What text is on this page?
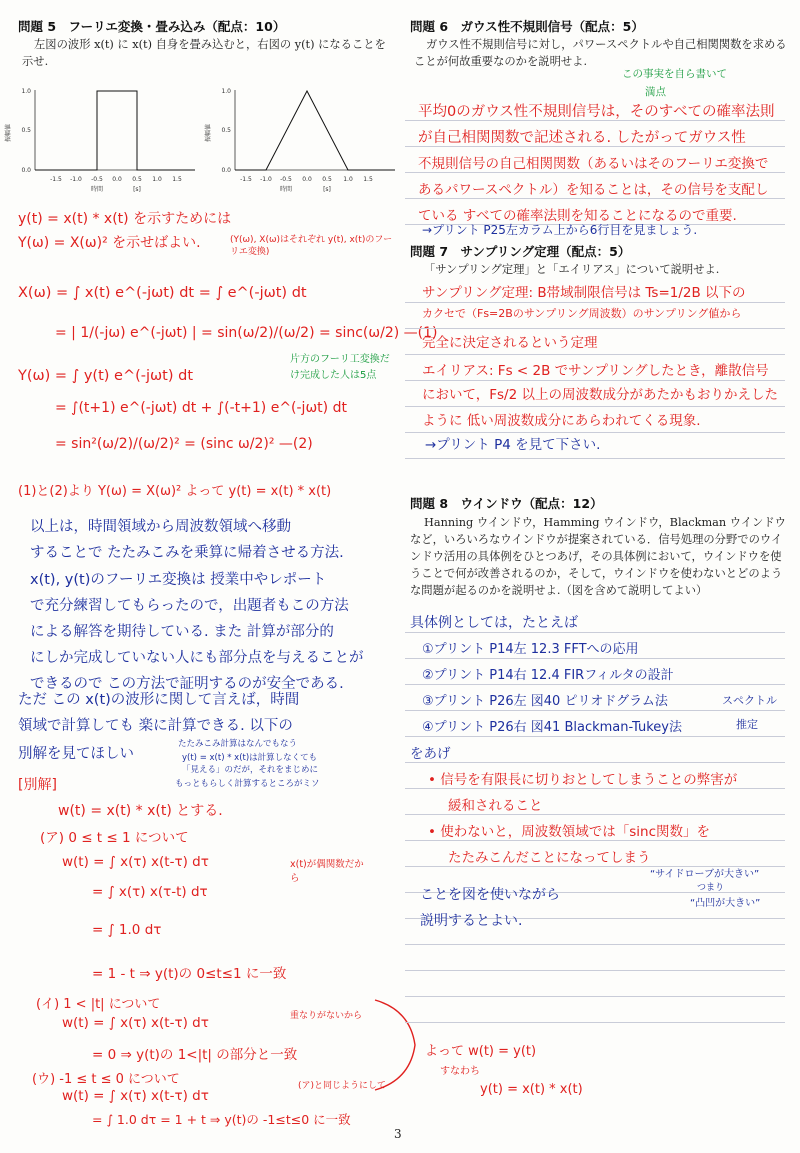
問題 5　フーリエ変換・畳み込み（配点：10）
左図の波形 x(t) に x(t) 自身を畳み込むと，右図の y(t) になることを示せ.
振幅値
1.0
0.5
0.0
-1.5 -1.0 -0.5 0.0 0.5 1.0 1.5
時間	[s]
振幅値
1.0
0.5
0.0
-1.5 -1.0 -0.5 0.0 0.5 1.0 1.5
時間	[s]
y(t) = x(t) * x(t) を示すためには
Y(ω) = X(ω)² を示せばよい.	(Y(ω), X(ω)はそれぞれ y(t), x(t)のフーリエ変換)
X(ω) = ∫ x(t) e^(-jωt) dt = ∫ e^(-jωt) dt
= | 1/(-jω) e^(-jωt) | = sin(ω/2)/(ω/2) = sinc(ω/2) —(1)
Y(ω) = ∫ y(t) e^(-jωt) dt
片方のフーリ工変換だけ完成した人は5点
= ∫(t+1) e^(-jωt) dt + ∫(-t+1) e^(-jωt) dt
= sin²(ω/2)/(ω/2)² = (sinc ω/2)² —(2)
(1)と(2)より Y(ω) = X(ω)² よって y(t) = x(t) * x(t)
以上は，時間領域から周波数領域へ移動
することで たたみこみを乗算に帰着させる方法.
x(t), y(t)のフーリエ変換は 授業中やレポート
で充分練習してもらったので，出題者もこの方法
による解答を期待している. また 計算が部分的
にしか完成していない人にも部分点を与えることが
できるので この方法で証明するのが安全である.
ただ この x(t)の波形に関して言えば，時間
領域で計算しても 楽に計算できる. 以下の
別解を見てほしい
たたみこみ計算はなんでもなう
y(t) = x(t) * x(t)は計算しなくても
「見える」のだが，それをまじめに
もっともらしく計算するところがミソ
[別解]
w(t) = x(t) * x(t) とする.
(ア) 0 ≤ t ≤ 1 について
w(t) = ∫ x(τ) x(t-τ) dτ	x(t)が偶関数だから
= ∫ x(τ) x(τ-t) dτ
= ∫ 1.0 dτ
= 1 - t ⇒ y(t)の 0≤t≤1 に一致
(イ) 1 < |t| について
w(t) = ∫ x(τ) x(t-τ) dτ	重なりがないから
= 0 ⇒ y(t)の 1<|t| の部分と一致
(ウ) -1 ≤ t ≤ 0 について	(ア)と同じようにして
w(t) = ∫ x(τ) x(t-τ) dτ
= ∫ 1.0 dτ = 1 + t ⇒ y(t)の -1≤t≤0 に一致
よって w(t) = y(t)
すなわち
y(t) = x(t) * x(t)
問題 6　ガウス性不規則信号（配点：5）
ガウス性不規則信号に対し，パワースペクトルや自己相関関数を求めることが何故重要なのかを説明せよ.
この事実を自ら書いて
満点
平均0のガウス性不規則信号は，そのすべての確率法則
が自己相関関数で記述される. したがってガウス性
不規則信号の自己相関関数（あるいはそのフーリエ変換で
あるパワースペクトル）を知ることは，その信号を支配し
ている すべての確率法則を知ることになるので重要.
→プリント P25左カラム上から6行目を見ましょう.
問題 7　サンプリング定理（配点：5）
「サンプリング定理」と「エイリアス」について説明せよ.
サンプリング定理: B帯域制限信号は Ts=1/2B 以下の
カクセで（Fs=2Bのサンプリング周波数）のサンプリング値から
完全に決定されるという定理
エイリアス: Fs < 2B でサンプリングしたとき，離散信号
において，Fs/2 以上の周波数成分があたかもおりかえした
ように 低い周波数成分にあらわれてくる現象.
→プリント P4 を見て下さい.
問題 8　ウインドウ（配点：12）
Hanning ウインドウ，Hamming ウインドウ，Blackman ウインドウなど，いろいろなウインドウが提案されている．信号処理の分野でのウインドウ活用の具体例をひとつあげ，その具体例において，ウインドウを使うことで何が改善されるのか，そして，ウインドウを使わないとどのような問題が起るのかを説明せよ.（図を含めて説明してよい）
具体例としては，たとえば
①プリント P14左 12.3 FFTへの応用
②プリント P14右 12.4 FIRフィルタの設計
③プリント P26左 図40 ピリオドグラム法	スペクトル
④プリント P26右 図41 Blackman-Tukey法	推定
をあげ
• 信号を有限長に切りおとしてしまうことの弊害が
緩和されること
• 使わないと，周波数領域では「sinc関数」を
たたみこんだことになってしまう
“サイドローブが大きい”
つまり
“凸凹が大きい”
ことを図を使いながら
説明するとよい.
3
